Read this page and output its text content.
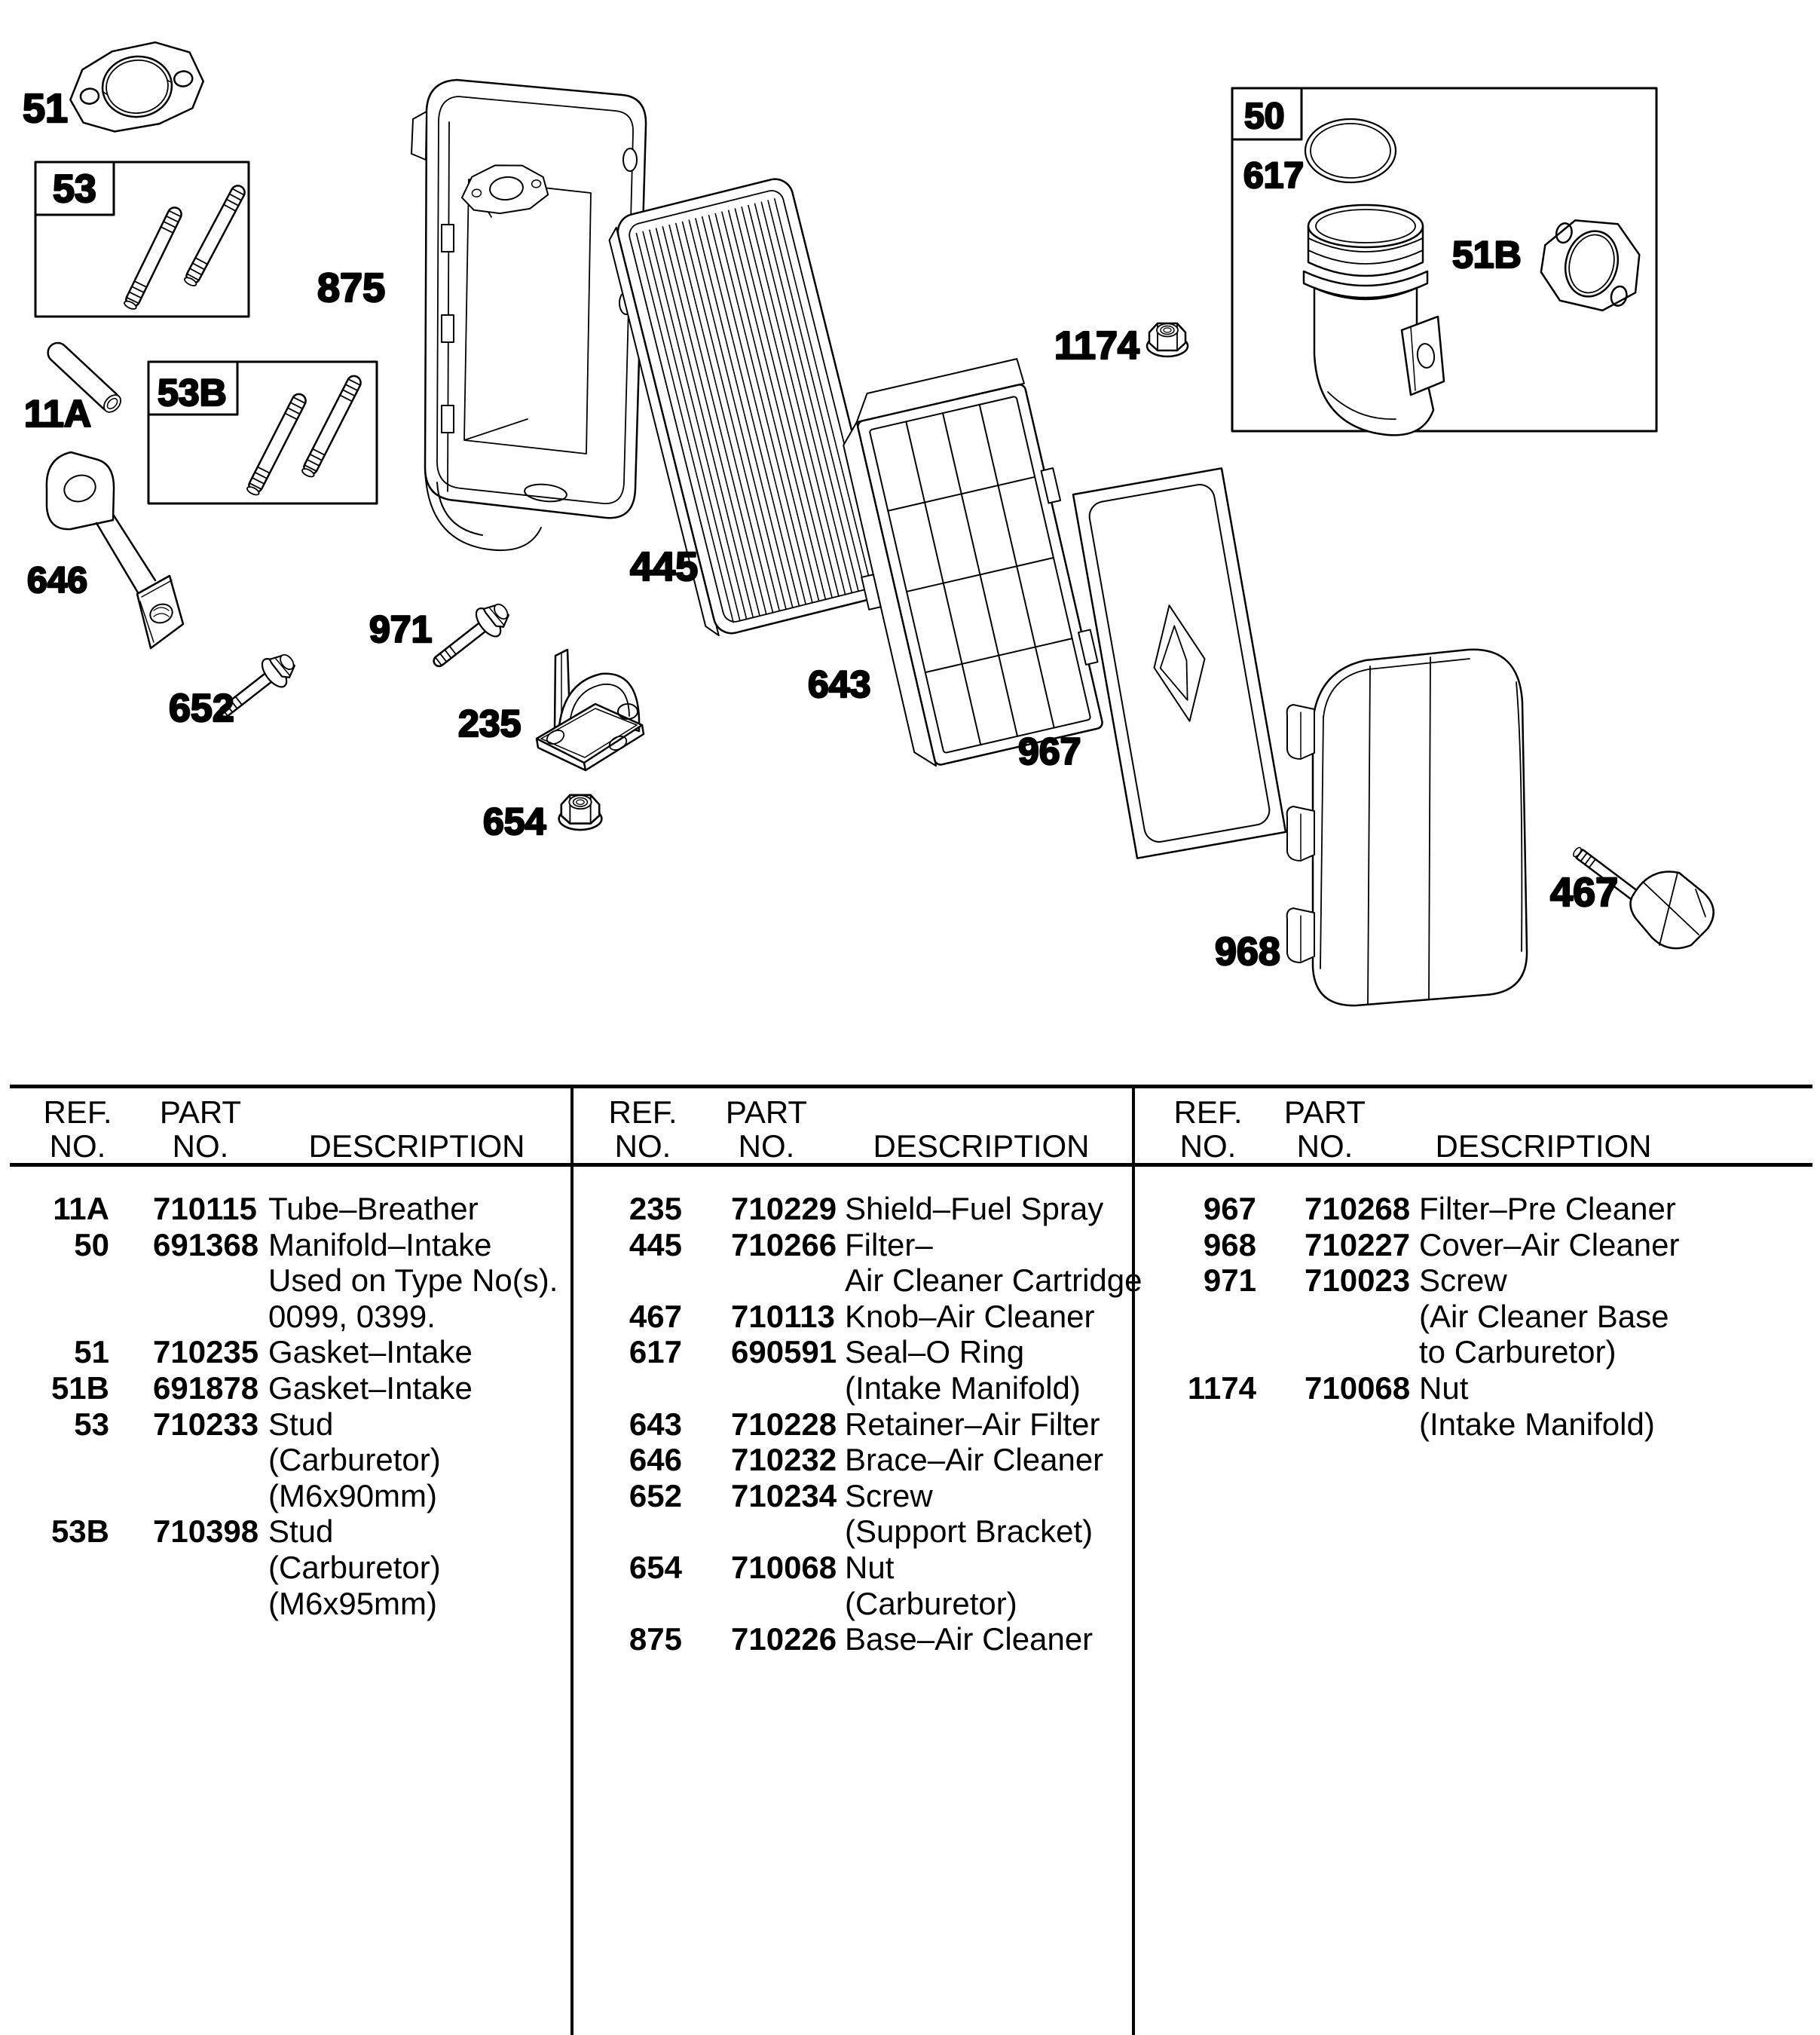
51
53
53B
11A
646
652
971
235
654
875
445
643
967
968
467
50
617
51B
1174
REF. PART
NO. NO.	DESCRIPTION
11A 710115 Tube–Breather
50 691368 Manifold–Intake
Used on Type No(s).
0099, 0399.
51 710235 Gasket–Intake
51B 691878 Gasket–Intake
53 710233 Stud
(Carburetor)
(M6x90mm)
53B 710398 Stud
(Carburetor)
(M6x95mm)
REF. PART
NO. NO. DESCRIPTION
235 710229 Shield–Fuel Spray
445 710266 Filter–
Air Cleaner Cartridge
467 710113 Knob–Air Cleaner
617 690591 Seal–O Ring
(Intake Manifold)
643 710228 Retainer–Air Filter
646 710232 Brace–Air Cleaner
652 710234 Screw
(Support Bracket)
654 710068 Nut
(Carburetor)
875 710226 Base–Air Cleaner
REF. PART
NO. NO.	DESCRIPTION
967 710268 Filter–Pre Cleaner
968 710227 Cover–Air Cleaner
971 710023 Screw
(Air Cleaner Base
to Carburetor)
1174 710068 Nut
(Intake Manifold)
